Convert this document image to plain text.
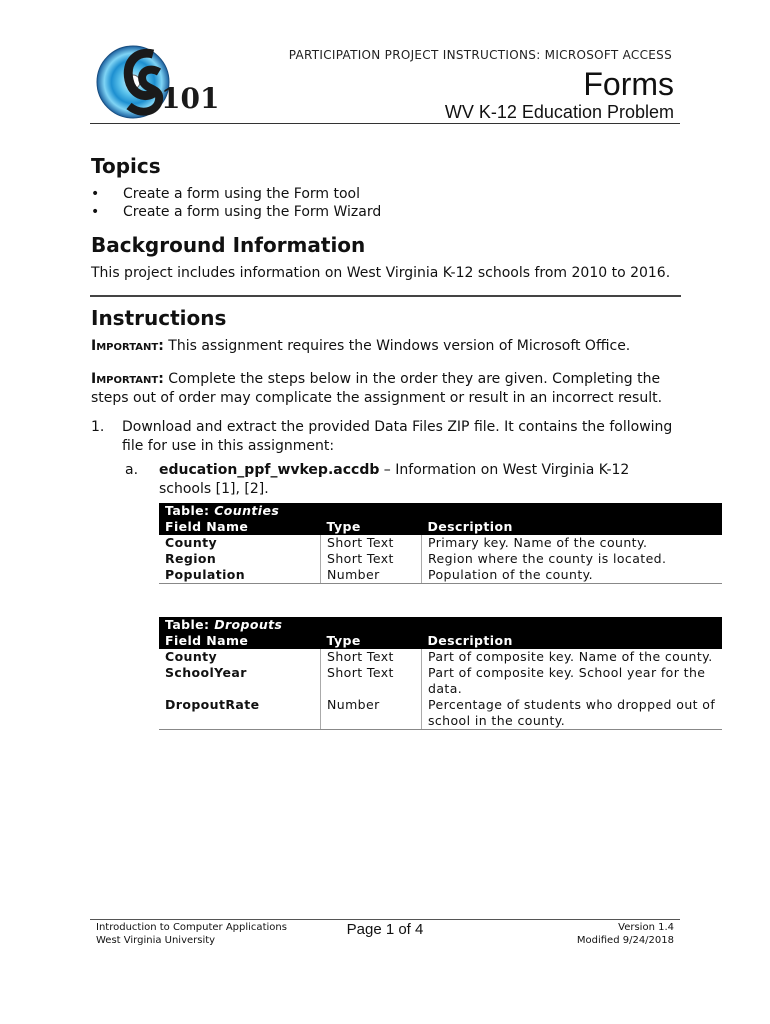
101
PARTICIPATION PROJECT INSTRUCTIONS: MICROSOFT ACCESS
Forms
WV K-12 Education Problem
Topics
• Create a form using the Form tool
• Create a form using the Form Wizard
Background Information
This project includes information on West Virginia K-12 schools from 2010 to 2016.
Instructions
Important: This assignment requires the Windows version of Microsoft Office.
Important: Complete the steps below in the order they are given. Completing the steps out of order may complicate the assignment or result in an incorrect result.
1. Download and extract the provided Data Files ZIP file. It contains the following file for use in this assignment:
a. education_ppf_wvkep.accdb – Information on West Virginia K-12 schools [1], [2].
Table: Counties		
Field Name	Type	Description
County	Short Text	Primary key. Name of the county.
Region	Short Text	Region where the county is located.
Population	Number	Population of the county.
Table: Dropouts		
Field Name	Type	Description
County	Short Text	Part of composite key. Name of the county.
SchoolYear	Short Text	Part of composite key. School year for the data.
DropoutRate	Number	Percentage of students who dropped out of school in the county.
Introduction to Computer Applications
West Virginia University
Page 1 of 4	Version 1.4
Modified 9/24/2018
